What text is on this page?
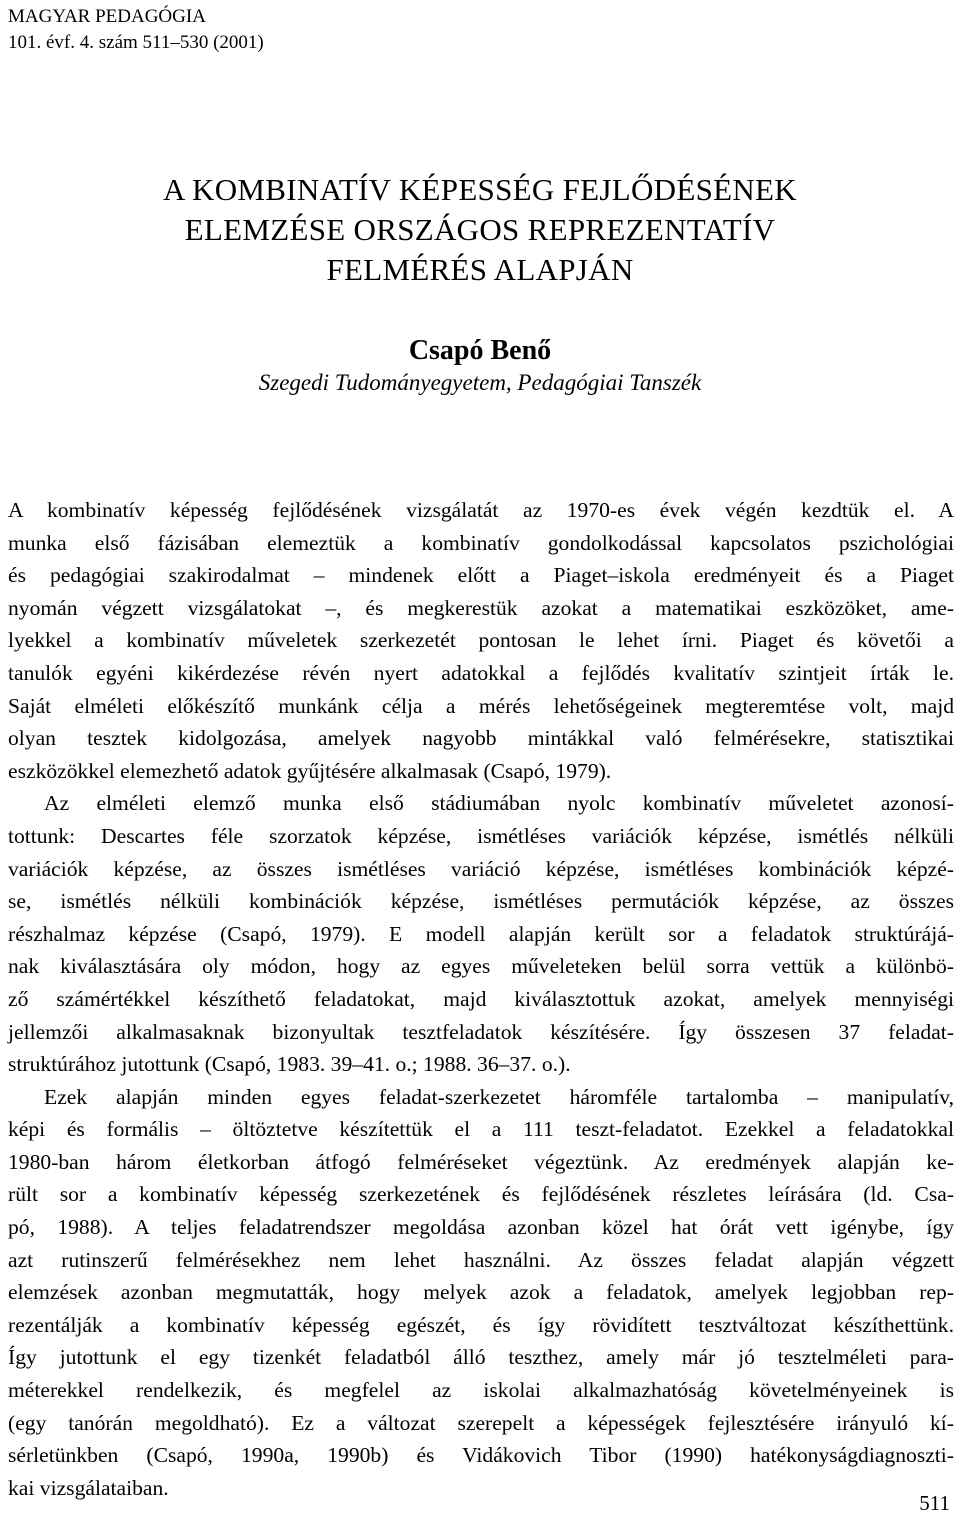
MAGYAR PEDAGÓGIA
101. évf. 4. szám 511–530 (2001)
A KOMBINATÍV KÉPESSÉG FEJLŐDÉSÉNEK
ELEMZÉSE ORSZÁGOS REPREZENTATÍV
FELMÉRÉS ALAPJÁN
Csapó Benő
Szegedi Tudományegyetem, Pedagógiai Tanszék
A kombinatív képesség fejlődésének vizsgálatát az 1970-es évek végén kezdtük el. A
munka első fázisában elemeztük a kombinatív gondolkodással kapcsolatos pszichológiai
és pedagógiai szakirodalmat – mindenek előtt a Piaget–iskola eredményeit és a Piaget
nyomán végzett vizsgálatokat –, és megkerestük azokat a matematikai eszközöket, ame-
lyekkel a kombinatív műveletek szerkezetét pontosan le lehet írni. Piaget és követői a
tanulók egyéni kikérdezése révén nyert adatokkal a fejlődés kvalitatív szintjeit írták le.
Saját elméleti előkészítő munkánk célja a mérés lehetőségeinek megteremtése volt, majd
olyan tesztek kidolgozása, amelyek nagyobb mintákkal való felmérésekre, statisztikai
eszközökkel elemezhető adatok gyűjtésére alkalmasak (Csapó, 1979).
Az elméleti elemző munka első stádiumában nyolc kombinatív műveletet azonosí-
tottunk: Descartes féle szorzatok képzése, ismétléses variációk képzése, ismétlés nélküli
variációk képzése, az összes ismétléses variáció képzése, ismétléses kombinációk képzé-
se, ismétlés nélküli kombinációk képzése, ismétléses permutációk képzése, az összes
részhalmaz képzése (Csapó, 1979). E modell alapján került sor a feladatok struktúrájá-
nak kiválasztására oly módon, hogy az egyes műveleteken belül sorra vettük a különbö-
ző számértékkel készíthető feladatokat, majd kiválasztottuk azokat, amelyek mennyiségi
jellemzői alkalmasaknak bizonyultak tesztfeladatok készítésére. Így összesen 37 feladat-
struktúrához jutottunk (Csapó, 1983. 39–41. o.; 1988. 36–37. o.).
Ezek alapján minden egyes feladat-szerkezetet háromféle tartalomba – manipulatív,
képi és formális – öltöztetve készítettük el a 111 teszt-feladatot. Ezekkel a feladatokkal
1980-ban három életkorban átfogó felméréseket végeztünk. Az eredmények alapján ke-
rült sor a kombinatív képesség szerkezetének és fejlődésének részletes leírására (ld. Csa-
pó, 1988). A teljes feladatrendszer megoldása azonban közel hat órát vett igénybe, így
azt rutinszerű felmérésekhez nem lehet használni. Az összes feladat alapján végzett
elemzések azonban megmutatták, hogy melyek azok a feladatok, amelyek legjobban rep-
rezentálják a kombinatív képesség egészét, és így rövidített tesztváltozat készíthettünk.
Így jutottunk el egy tizenkét feladatból álló teszthez, amely már jó tesztelméleti para-
méterekkel rendelkezik, és megfelel az iskolai alkalmazhatóság követelményeinek is
(egy tanórán megoldható). Ez a változat szerepelt a képességek fejlesztésére irányuló kí-
sérletünkben (Csapó, 1990a, 1990b) és Vidákovich Tibor (1990) hatékonyságdiagnoszti-
kai vizsgálataiban.
511
